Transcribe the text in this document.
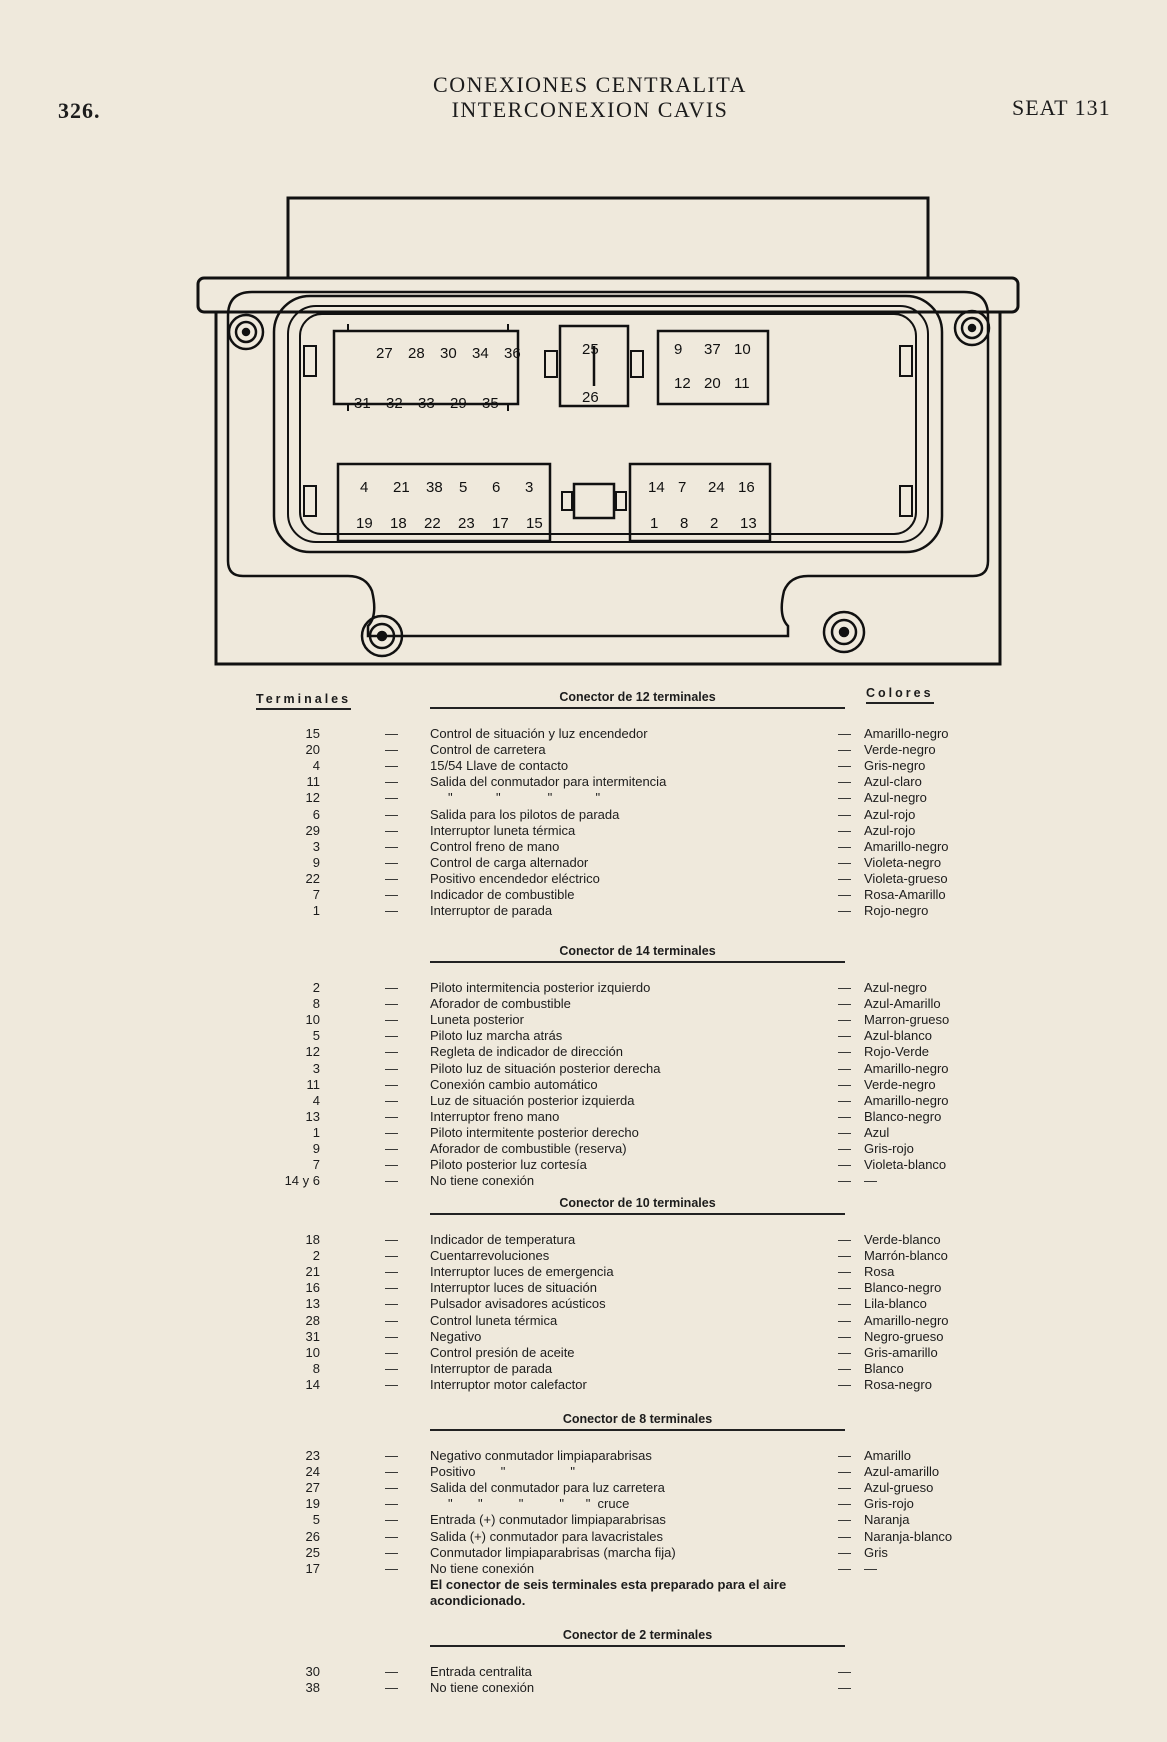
326.
CONEXIONES CENTRALITA
INTERCONEXION CAVIS	SEAT 131
27 28 30 34 36
31 32 33 29 35
25
26
9 37 10
12 20 11
4 21 38 5 6 3
19 18 22 23 17 15
14 7 24 16
1 8 2 13
Terminales	Colores
Conector de 12 terminales
15	— Control de situación y luz encendedor	— Amarillo-negro
20	— Control de carretera	— Verde-negro
4	— 15/54 Llave de contacto	— Gris-negro
11	— Salida del conmutador para intermitencia	— Azul-claro
12	— "            "             "            "	— Azul-negro
6	— Salida para los pilotos de parada	— Azul-rojo
29	— Interruptor luneta térmica	— Azul-rojo
3	— Control freno de mano	— Amarillo-negro
9	— Control de carga alternador	— Violeta-negro
22	— Positivo encendedor eléctrico	— Violeta-grueso
7	— Indicador de combustible	— Rosa-Amarillo
1	— Interruptor de parada	— Rojo-negro
Conector de 14 terminales
2	— Piloto intermitencia posterior izquierdo	— Azul-negro
8	— Aforador de combustible	— Azul-Amarillo
10	— Luneta posterior	— Marron-grueso
5	— Piloto luz marcha atrás	— Azul-blanco
12	— Regleta de indicador de dirección	— Rojo-Verde
3	— Piloto luz de situación posterior derecha	— Amarillo-negro
11	— Conexión cambio automático	— Verde-negro
4	— Luz de situación posterior izquierda	— Amarillo-negro
13	— Interruptor freno mano	— Blanco-negro
1	— Piloto intermitente posterior derecho	— Azul
9	— Aforador de combustible (reserva)	— Gris-rojo
7	— Piloto posterior luz cortesía	— Violeta-blanco
14 y 6	— No tiene conexión	— —
Conector de 10 terminales
18	— Indicador de temperatura	— Verde-blanco
2	— Cuentarrevoluciones	— Marrón-blanco
21	— Interruptor luces de emergencia	— Rosa
16	— Interruptor luces de situación	— Blanco-negro
13	— Pulsador avisadores acústicos	— Lila-blanco
28	— Control luneta térmica	— Amarillo-negro
31	— Negativo	— Negro-grueso
10	— Control presión de aceite	— Gris-amarillo
8	— Interruptor de parada	— Blanco
14	— Interruptor motor calefactor	— Rosa-negro
Conector de 8 terminales
23	— Negativo conmutador limpiaparabrisas	— Amarillo
24	— Positivo       "                  "	— Azul-amarillo
27	— Salida del conmutador para luz carretera	— Azul-grueso
19	— "       "          "          "      "  cruce	— Gris-rojo
5	— Entrada (+) conmutador limpiaparabrisas	— Naranja
26	— Salida (+) conmutador para lavacristales	— Naranja-blanco
25	— Conmutador limpiaparabrisas (marcha fija)	— Gris
17	— No tiene conexión	— —
El conector de seis terminales esta preparado para el aire acondicionado.
Conector de 2 terminales
30	— Entrada centralita	—
38	— No tiene conexión	—
